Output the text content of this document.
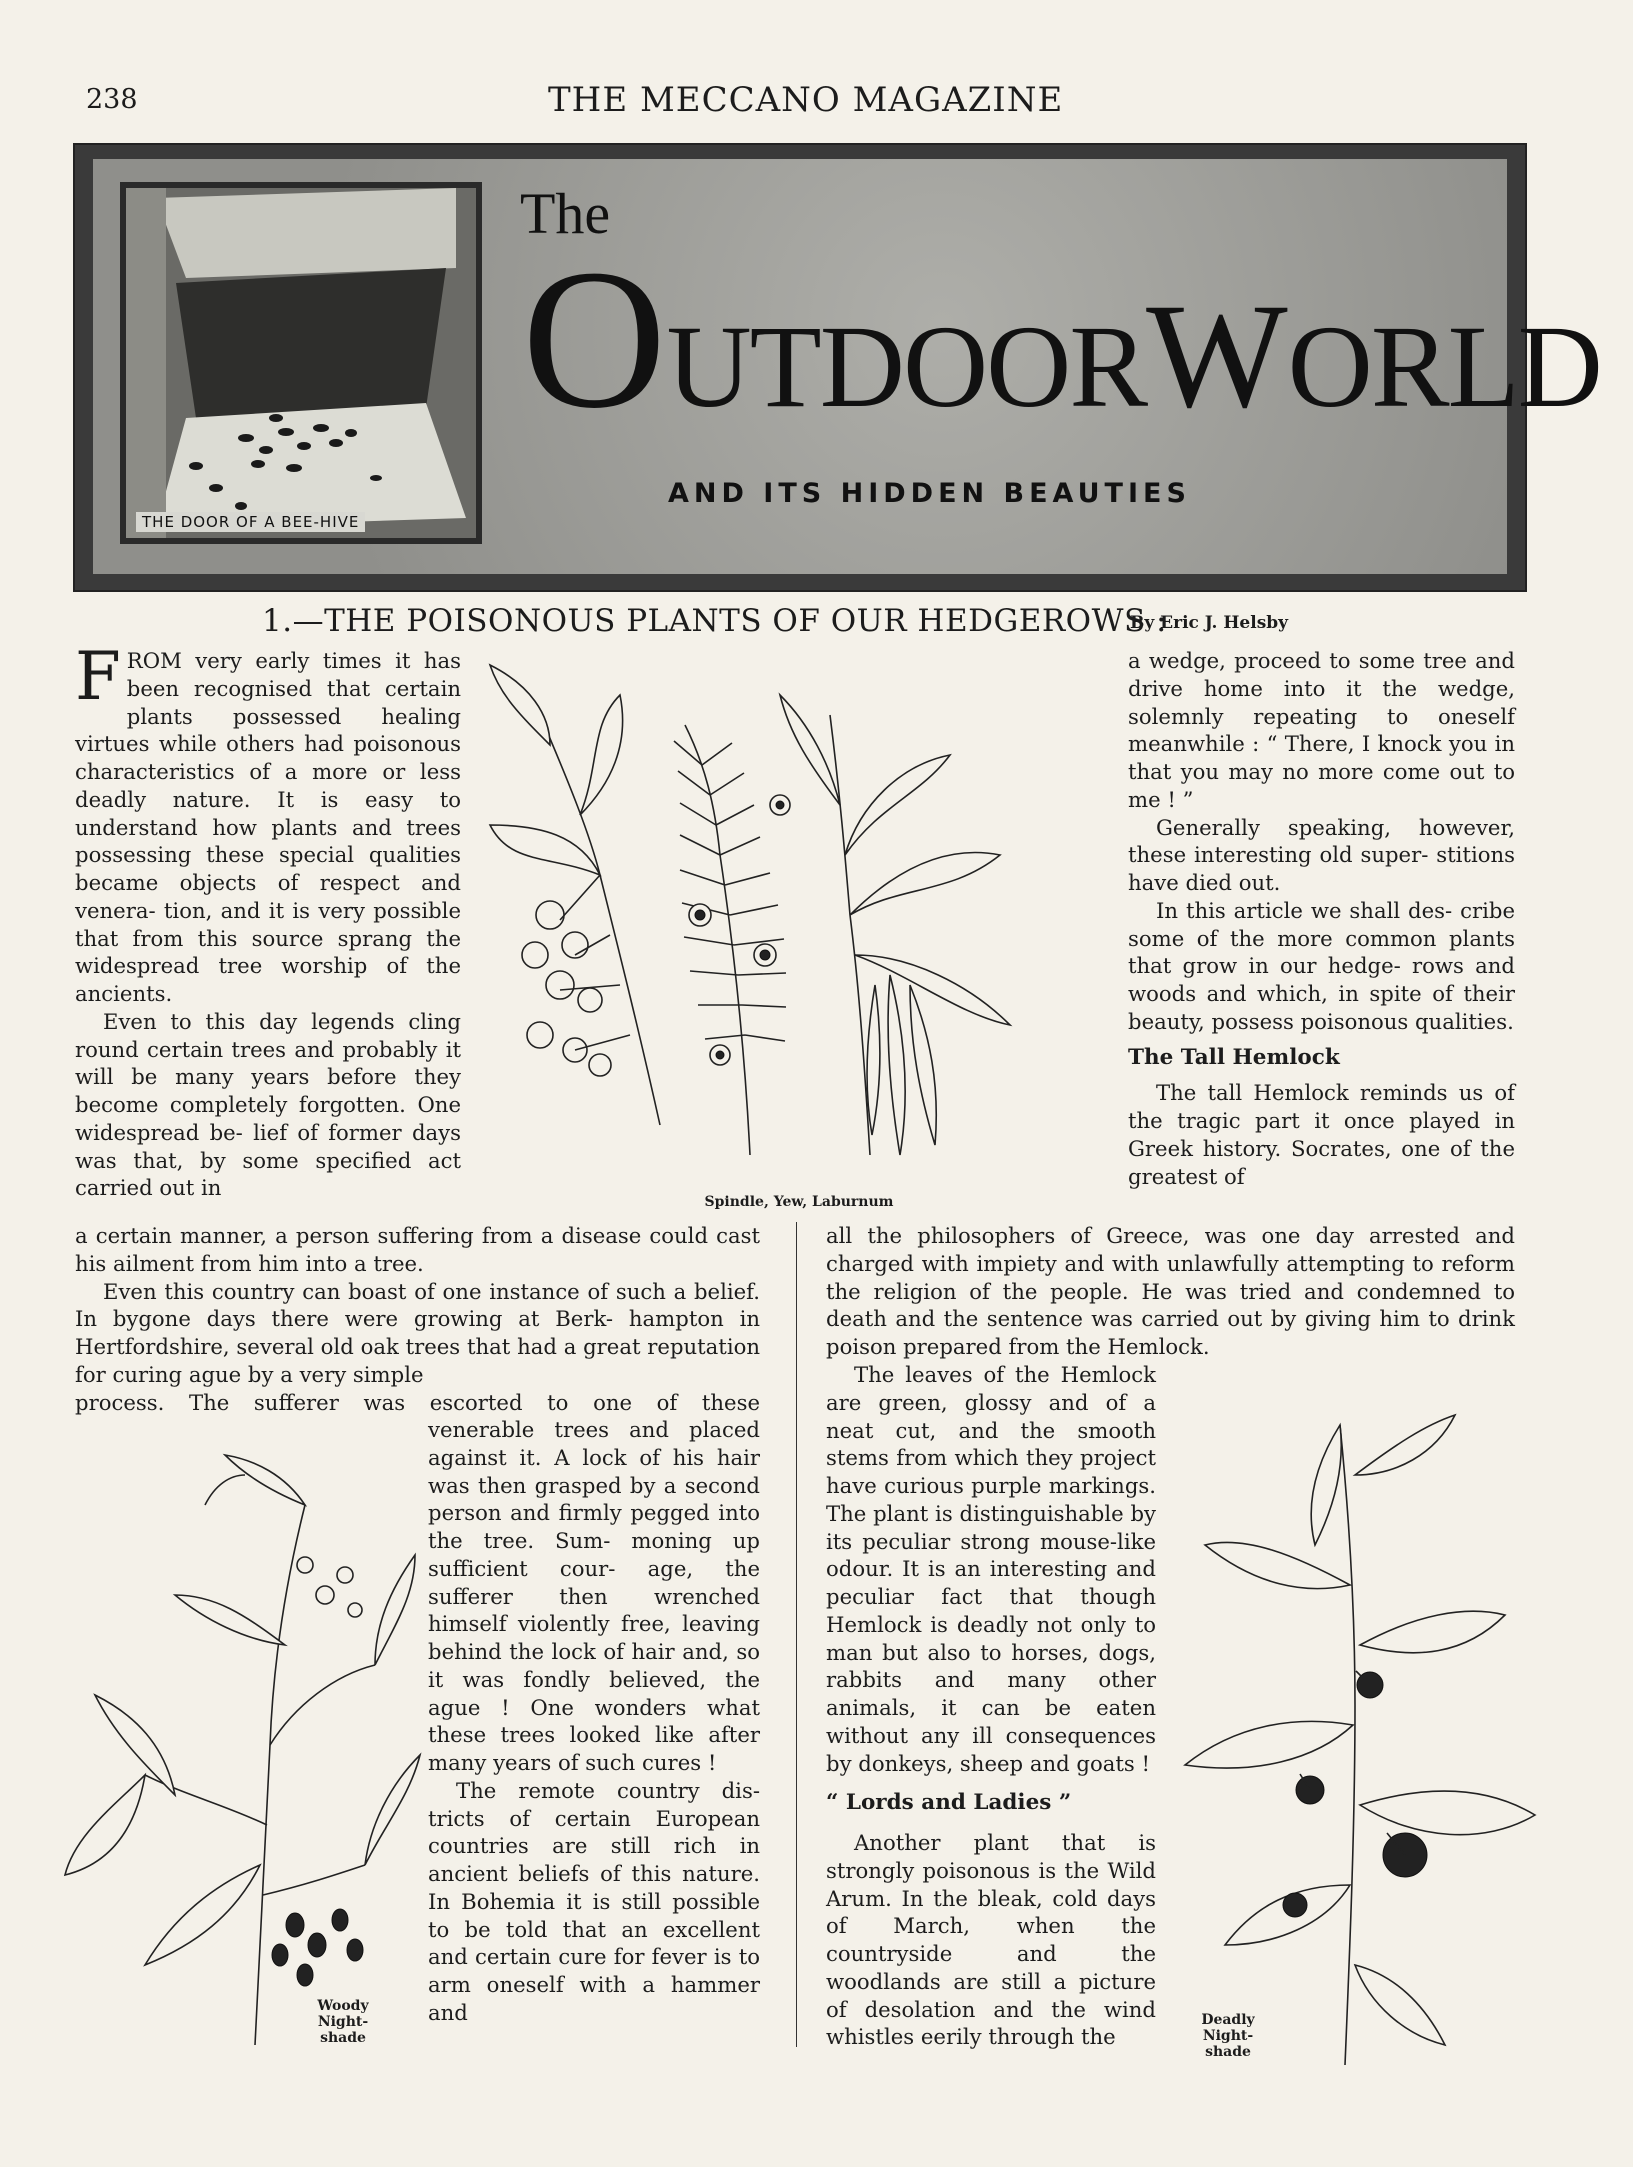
238	THE MECCANO MAGAZINE
THE DOOR OF A BEE-HIVE
The
OUTDOORWORLD
AND ITS HIDDEN BEAUTIES
1.—THE POISONOUS PLANTS OF OUR HEDGEROWS :
By Eric J. Helsby

FROM very early times it has been recognised that certain plants possessed healing virtues while others had poisonous characteristics of a more or less deadly nature. It is easy to understand how plants and trees possessing these special qualities became objects of respect and venera- tion, and it is very possible that from this source sprang the widespread tree worship of the ancients.

Even to this day legends cling round certain trees and probably it will be many years before they become completely forgotten. One widespread be- lief of former days was that, by some specified act carried out in

a certain manner, a person suffering from a disease could cast his ailment from him into a tree.

Even this country can boast of one instance of such a belief. In bygone days there were growing at Berk- hampton in Hertfordshire, several old oak trees that had a great reputation for curing ague by a very simple

process. The sufferer was escorted to one of these

venerable trees and placed against it. A lock of his hair was then grasped by a second person and firmly pegged into the tree. Sum- moning up sufficient cour- age, the sufferer then wrenched himself violently free, leaving behind the lock of hair and, so it was fondly believed, the ague ! One wonders what these trees looked like after many years of such cures !

The remote country dis- tricts of certain European countries are still rich in ancient beliefs of this nature. In Bohemia it is still possible to be told that an excellent and certain cure for fever is to arm oneself with a hammer and

a wedge, proceed to some tree and drive home into it the wedge, solemnly repeating to oneself meanwhile : “ There, I knock you in that you may no more come out to me ! ”

Generally speaking, however, these interesting old super- stitions have died out.

In this article we shall des- cribe some of the more common plants that grow in our hedge- rows and woods and which, in spite of their beauty, possess poisonous qualities.

The Tall Hemlock

The tall Hemlock reminds us of the tragic part it once played in Greek history. Socrates, one of the greatest of

all the philosophers of Greece, was one day arrested and charged with impiety and with unlawfully attempting to reform the religion of the people. He was tried and condemned to death and the sentence was carried out by giving him to drink poison prepared from the Hemlock.

The leaves of the Hemlock are green, glossy and of a neat cut, and the smooth stems from which they project have curious purple markings. The plant is distinguishable by its peculiar strong mouse-like odour. It is an interesting and peculiar fact that though Hemlock is deadly not only to man but also to horses, dogs, rabbits and many other animals, it can be eaten without any ill consequences by donkeys, sheep and goats !

“ Lords and Ladies ”

Another plant that is strongly poisonous is the Wild Arum. In the bleak, cold days of March, when the countryside and the woodlands are still a picture of desolation and the wind whistles eerily through the

Spindle, Yew, Laburnum
Woody
Night-
shade
Deadly
Night-
shade
